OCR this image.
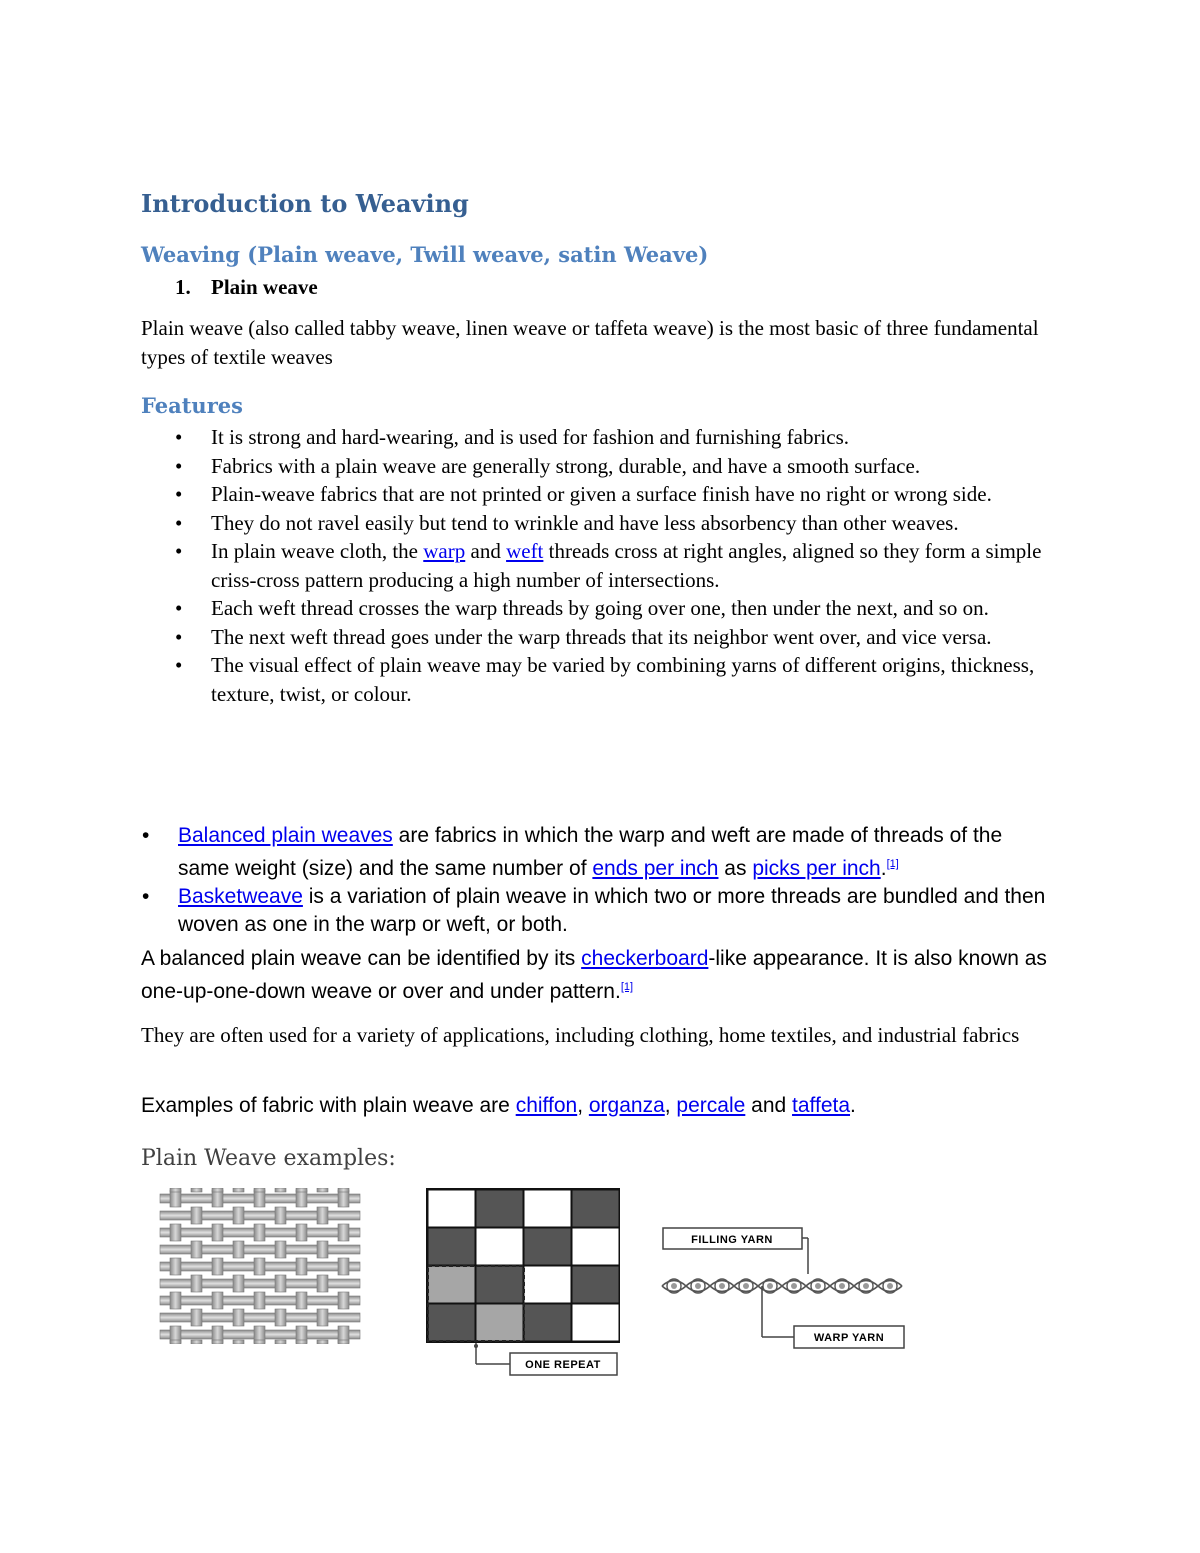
Introduction to Weaving
Weaving (Plain weave, Twill weave, satin Weave)
1. Plain weave
Plain weave (also called tabby weave, linen weave or taffeta weave) is the most basic of three fundamental types of textile weaves
Features
• It is strong and hard-wearing, and is used for fashion and furnishing fabrics.
• Fabrics with a plain weave are generally strong, durable, and have a smooth surface.
• Plain-weave fabrics that are not printed or given a surface finish have no right or wrong side.
• They do not ravel easily but tend to wrinkle and have less absorbency than other weaves.
• In plain weave cloth, the warp and weft threads cross at right angles, aligned so they form a simple criss-cross pattern producing a high number of intersections.
• Each weft thread crosses the warp threads by going over one, then under the next, and so on.
• The next weft thread goes under the warp threads that its neighbor went over, and vice versa.
• The visual effect of plain weave may be varied by combining yarns of different origins, thickness, texture, twist, or colour.
• Balanced plain weaves are fabrics in which the warp and weft are made of threads of the same weight (size) and the same number of ends per inch as picks per inch.[1]
• Basketweave is a variation of plain weave in which two or more threads are bundled and then woven as one in the warp or weft, or both.
A balanced plain weave can be identified by its checkerboard-like appearance. It is also known as one-up-one-down weave or over and under pattern.[1]
They are often used for a variety of applications, including clothing, home textiles, and industrial fabrics
Examples of fabric with plain weave are chiffon, organza, percale and taffeta.
Plain Weave examples:
ONE REPEAT
FILLING YARN
WARP YARN
